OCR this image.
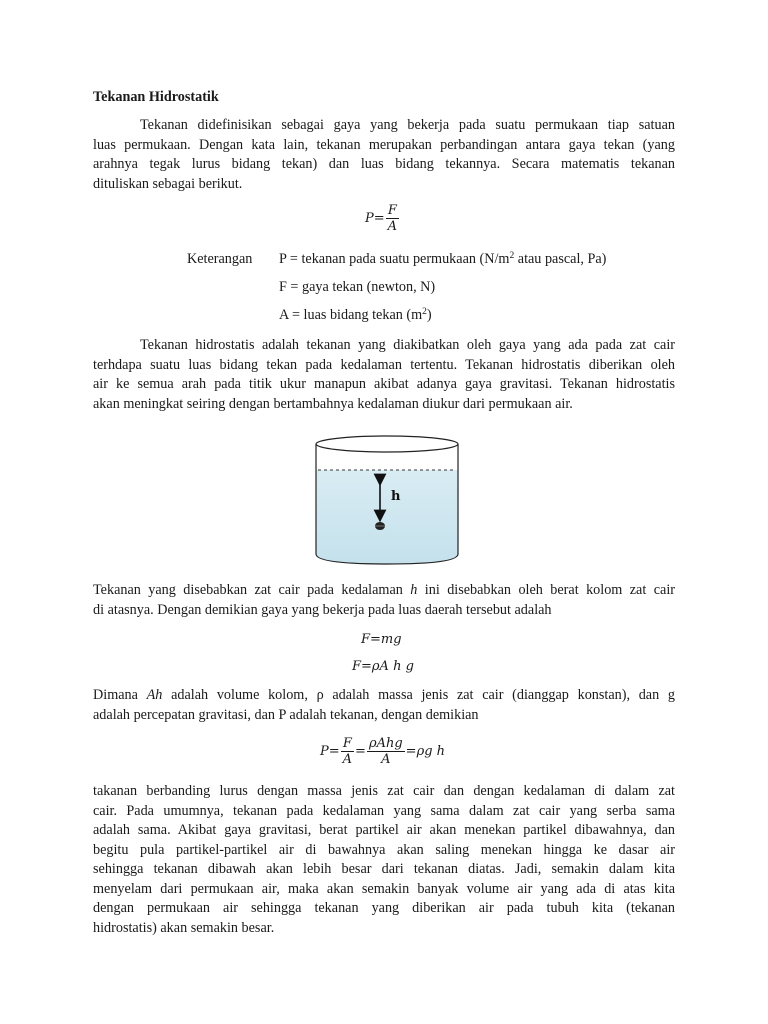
Tekanan Hidrostatik
Tekanan didefinisikan sebagai gaya yang bekerja pada suatu permukaan tiap satuan
luas permukaan. Dengan kata lain, tekanan merupakan perbandingan antara gaya tekan (yang
arahnya tegak lurus bidang tekan) dan luas bidang tekannya. Secara matematis tekanan
dituliskan sebagai berikut.
$P= \frac{F}{A}$
Keterangan P = tekanan pada suatu permukaan ($N/m^2$ atau pascal, Pa)
F = gaya tekan (newton, N)
A = luas bidang tekan $(m^2)$
Tekanan hidrostatis adalah tekanan yang diakibatkan oleh gaya yang ada pada zat cair
terhdapa suatu luas bidang tekan pada kedalaman tertentu. Tekanan hidrostatis diberikan oleh
air ke semua arah pada titik ukur manapun akibat adanya gaya gravitasi. Tekanan hidrostatis
akan meningkat seiring dengan bertambahnya kedalaman diukur dari permukaan air.
h
Tekanan yang disebabkan zat cair pada kedalaman h ini disebabkan oleh berat kolom zat cair
di atasnya. Dengan demikian gaya yang bekerja pada luas daerah tersebut adalah
F=mg
F=ρA h g
Dimana Ah adalah volume kolom, ρ adalah massa jenis zat cair (dianggap konstan), dan g
adalah percepatan gravitasi, dan P adalah tekanan, dengan demikian
$P= \frac{F}{A} = \frac{\text{ρAhg}}{A} =\rho g$ h
takanan berbanding lurus dengan massa jenis zat cair dan dengan kedalaman di dalam zat
cair. Pada umumnya, tekanan pada kedalaman yang sama dalam zat cair yang serba sama
adalah sama. Akibat gaya gravitasi, berat partikel air akan menekan partikel dibawahnya, dan
begitu pula partikel-partikel air di bawahnya akan saling menekan hingga ke dasar air
sehingga tekanan dibawah akan lebih besar dari tekanan diatas. Jadi, semakin dalam kita
menyelam dari permukaan air, maka akan semakin banyak volume air yang ada di atas kita
dengan permukaan air sehingga tekanan yang diberikan air pada tubuh kita (tekanan
hidrostatis) akan semakin besar.
